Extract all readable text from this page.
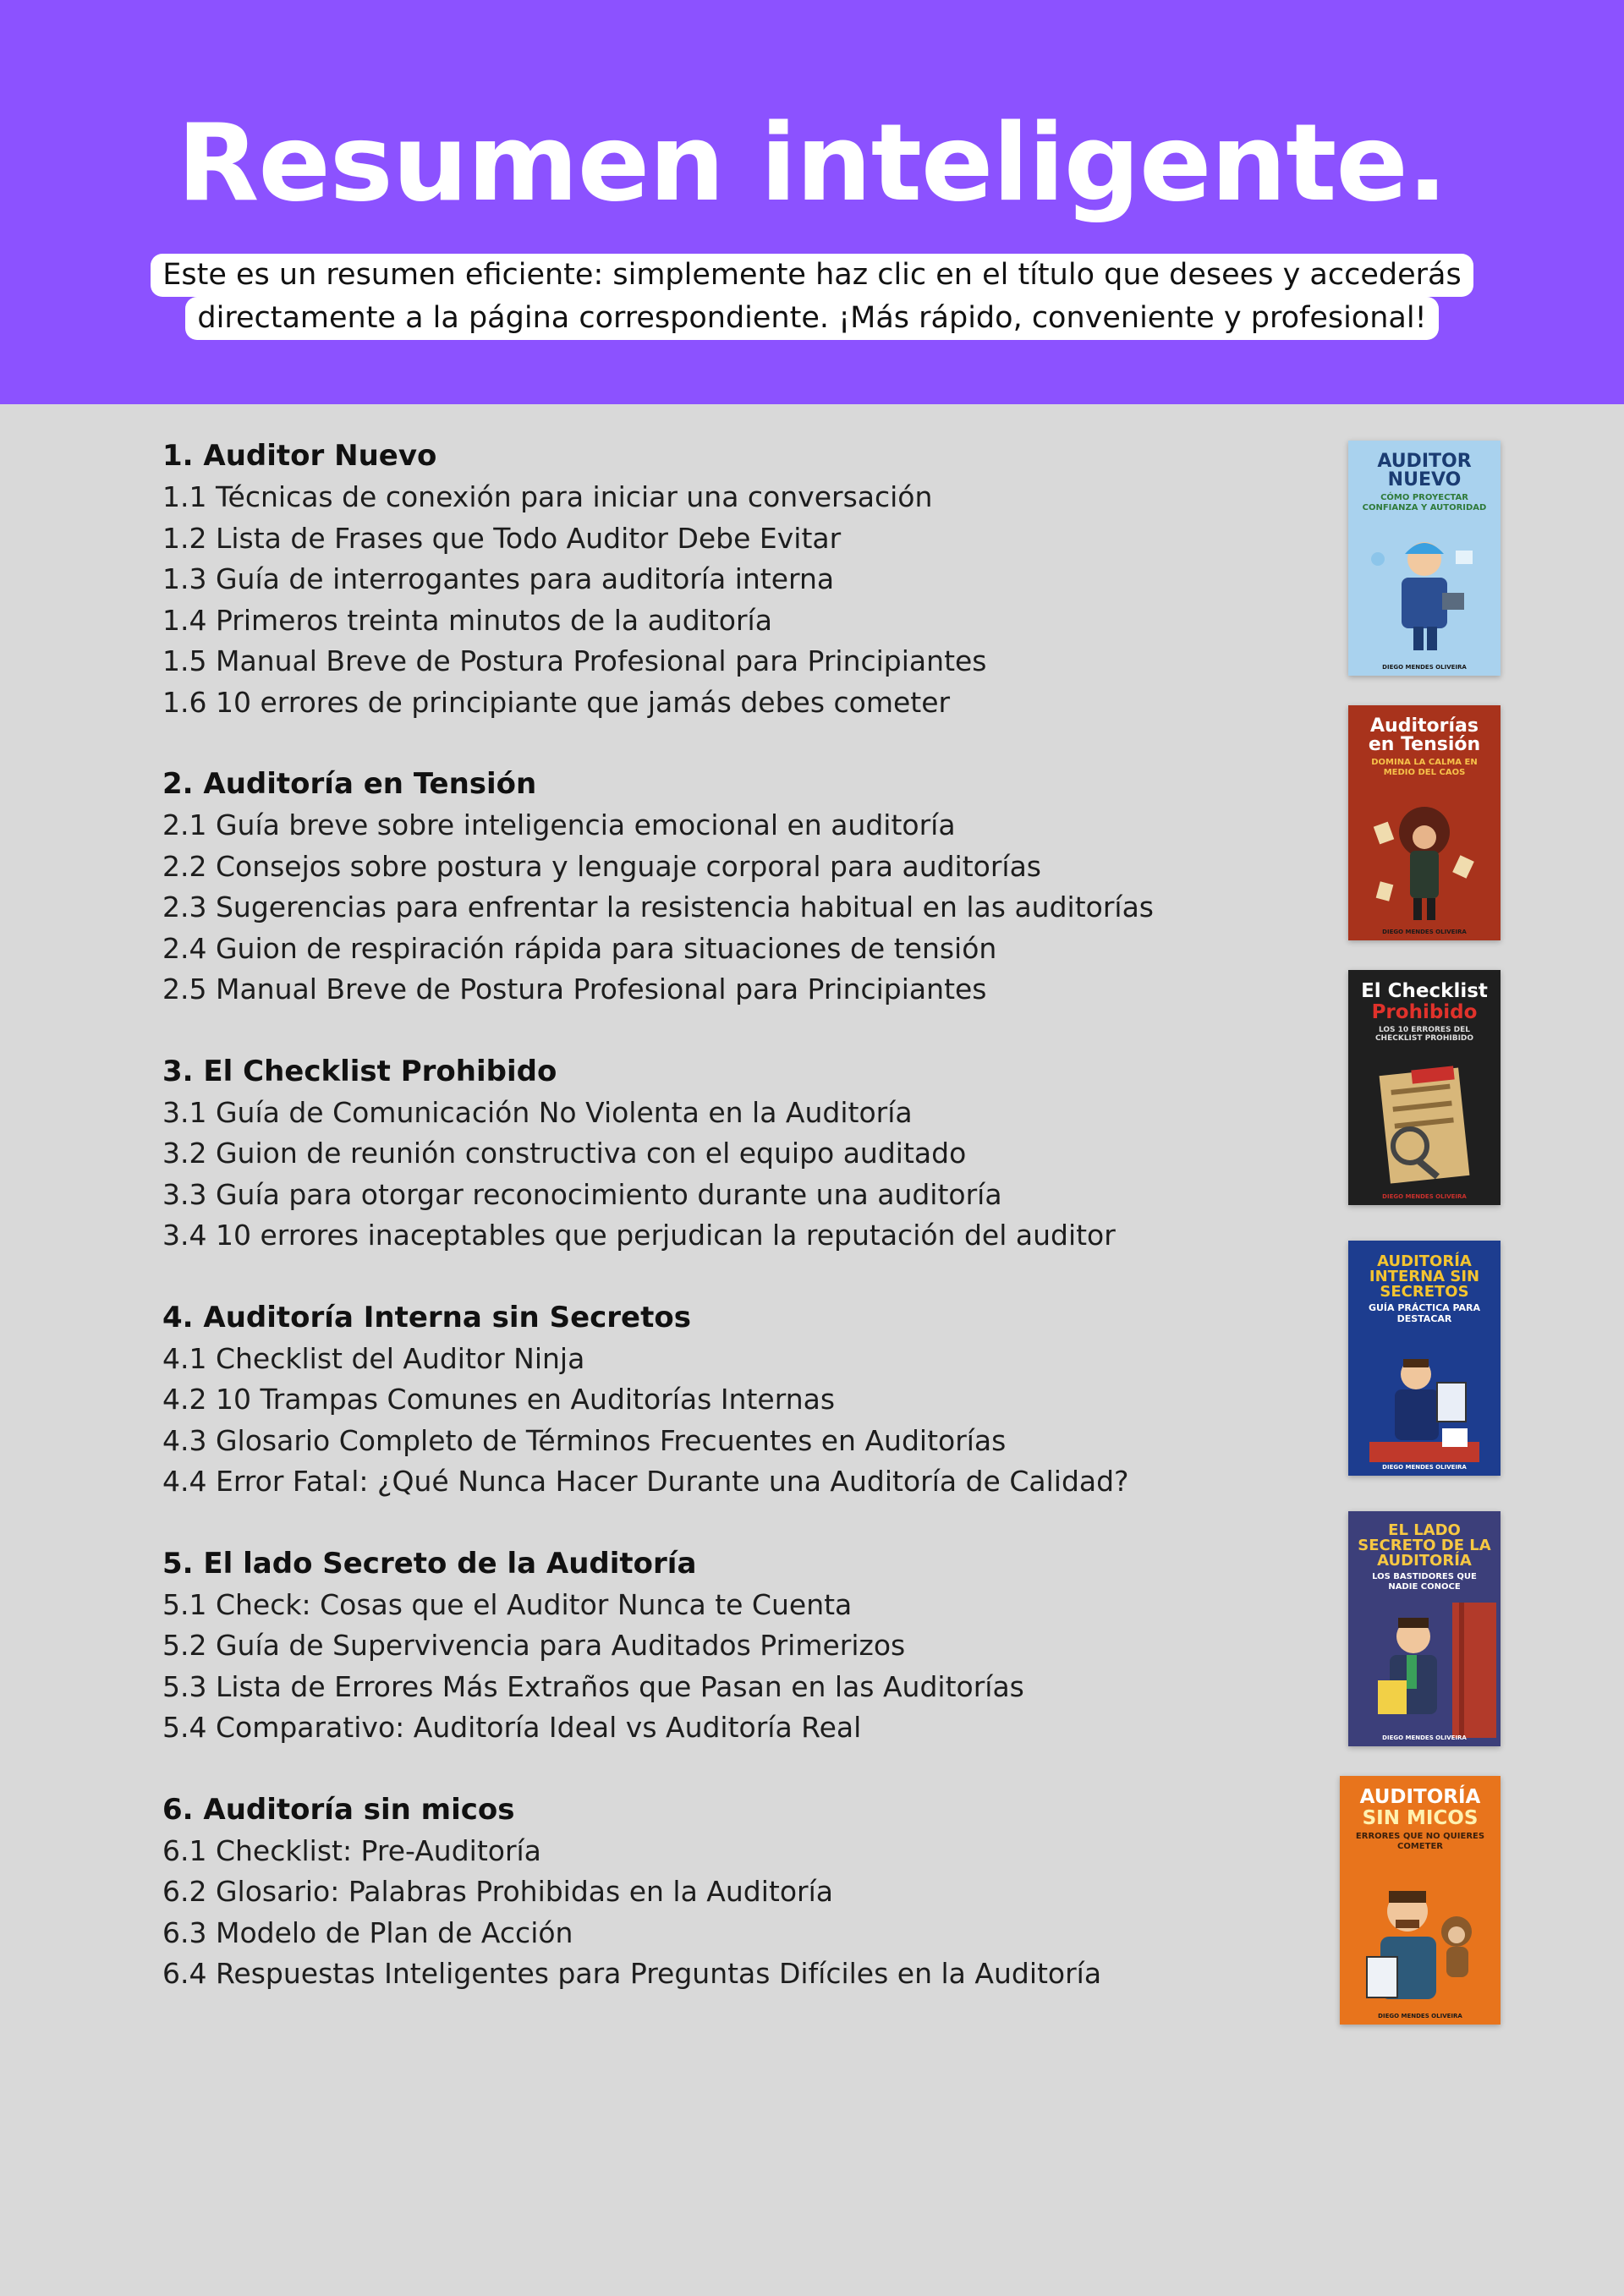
Resumen inteligente.
Este es un resumen eficiente: simplemente haz clic en el título que desees y accederás
directamente a la página correspondiente. ¡Más rápido, conveniente y profesional!
1. Auditor Nuevo
1.1 Técnicas de conexión para iniciar una conversación
1.2 Lista de Frases que Todo Auditor Debe Evitar
1.3 Guía de interrogantes para auditoría interna
1.4 Primeros treinta minutos de la auditoría
1.5 Manual Breve de Postura Profesional para Principiantes
1.6 10 errores de principiante que jamás debes cometer
2. Auditoría en Tensión
2.1 Guía breve sobre inteligencia emocional en auditoría
2.2 Consejos sobre postura y lenguaje corporal para auditorías
2.3 Sugerencias para enfrentar la resistencia habitual en las auditorías
2.4 Guion de respiración rápida para situaciones de tensión
2.5 Manual Breve de Postura Profesional para Principiantes
3. El Checklist Prohibido
3.1 Guía de Comunicación No Violenta en la Auditoría
3.2 Guion de reunión constructiva con el equipo auditado
3.3 Guía para otorgar reconocimiento durante una auditoría
3.4 10 errores inaceptables que perjudican la reputación del auditor
4. Auditoría Interna sin Secretos
4.1 Checklist del Auditor Ninja
4.2 10 Trampas Comunes en Auditorías Internas
4.3 Glosario Completo de Términos Frecuentes en Auditorías
4.4 Error Fatal: ¿Qué Nunca Hacer Durante una Auditoría de Calidad?
5. El lado Secreto de la Auditoría
5.1 Check: Cosas que el Auditor Nunca te Cuenta
5.2 Guía de Supervivencia para Auditados Primerizos
5.3 Lista de Errores Más Extraños que Pasan en las Auditorías
5.4 Comparativo: Auditoría Ideal vs Auditoría Real
6. Auditoría sin micos
6.1 Checklist: Pre-Auditoría
6.2 Glosario: Palabras Prohibidas en la Auditoría
6.3 Modelo de Plan de Acción
6.4 Respuestas Inteligentes para Preguntas Difíciles en la Auditoría
AUDITOR NUEVO
CÓMO PROYECTAR CONFIANZA Y AUTORIDAD
DIEGO MENDES OLIVEIRA
Auditorías en Tensión
DOMINA LA CALMA EN MEDIO DEL CAOS
DIEGO MENDES OLIVEIRA
El Checklist
Prohibido
LOS 10 ERRORES DEL CHECKLIST PROHIBIDO
DIEGO MENDES OLIVEIRA
AUDITORÍA INTERNA SIN SECRETOS
GUÍA PRÁCTICA PARA DESTACAR
DIEGO MENDES OLIVEIRA
EL LADO SECRETO DE LA AUDITORÍA
LOS BASTIDORES QUE NADIE CONOCE
DIEGO MENDES OLIVEIRA
AUDITORÍA
SIN MICOS
ERRORES QUE NO QUIERES COMETER
DIEGO MENDES OLIVEIRA
